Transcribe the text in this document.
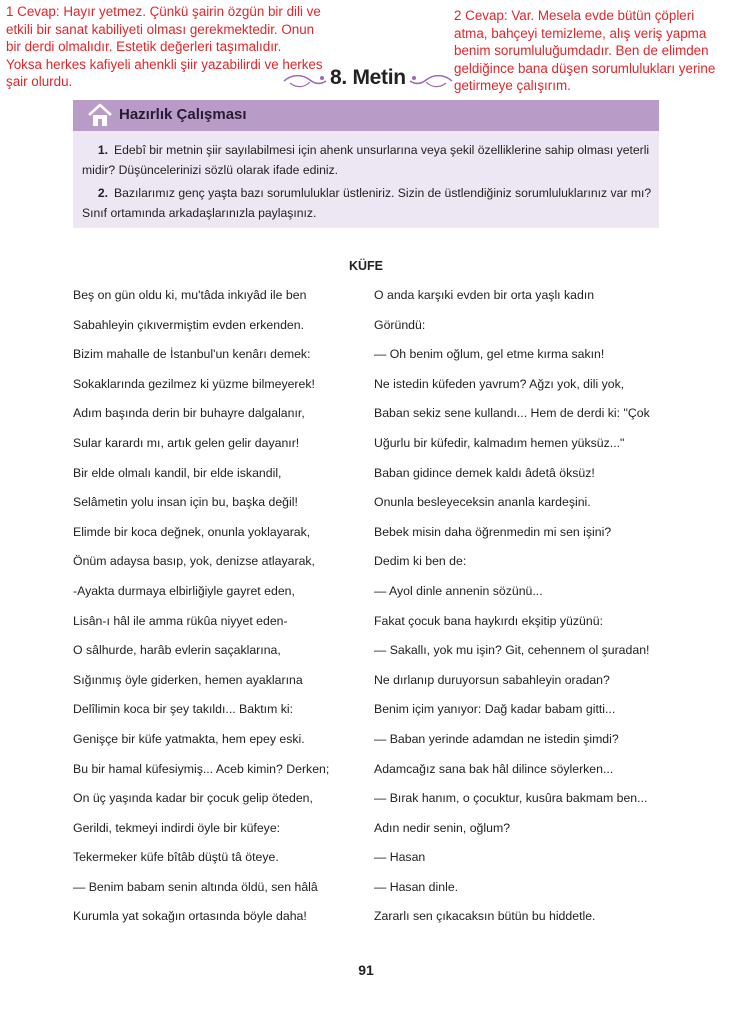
1 Cevap: Hayır yetmez. Çünkü şairin özgün bir dili ve
etkili bir sanat kabiliyeti olması gerekmektedir. Onun
bir derdi olmalıdır. Estetik değerleri taşımalıdır.
Yoksa herkes kafiyeli ahenkli şiir yazabilirdi ve herkes
şair olurdu.
2 Cevap: Var. Mesela evde bütün çöpleri
atma, bahçeyi temizleme, alış veriş yapma
benim sorumluluğumdadır. Ben de elimden
geldiğince bana düşen sorumlulukları yerine
getirmeye çalışırım.
8. Metin
Hazırlık Çalışması
1. Edebî bir metnin şiir sayılabilmesi için ahenk unsurlarına veya şekil özelliklerine sahip olması yeterli midir? Düşüncelerinizi sözlü olarak ifade ediniz.
2. Bazılarımız genç yaşta bazı sorumluluklar üstleniriz. Sizin de üstlendiğiniz sorumluluklarınız var mı? Sınıf ortamında arkadaşlarınızla paylaşınız.
KÜFE
Beş on gün oldu ki, mu'tâda inkıyâd ile ben
Sabahleyin çıkıvermiştim evden erkenden.
Bizim mahalle de İstanbul'un kenârı demek:
Sokaklarında gezilmez ki yüzme bilmeyerek!
Adım başında derin bir buhayre dalgalanır,
Sular karardı mı, artık gelen gelir dayanır!
Bir elde olmalı kandil, bir elde iskandil,
Selâmetin yolu insan için bu, başka değil!
Elimde bir koca değnek, onunla yoklayarak,
Önüm adaysa basıp, yok, denizse atlayarak,
-Ayakta durmaya elbirliğiyle gayret eden,
Lisân-ı hâl ile amma rükûa niyyet eden-
O sâlhurde, harâb evlerin saçaklarına,
Sığınmış öyle giderken, hemen ayaklarına
Delîlimin koca bir şey takıldı... Baktım ki:
Genişçe bir küfe yatmakta, hem epey eski.
Bu bir hamal küfesiymiş... Aceb kimin? Derken;
On üç yaşında kadar bir çocuk gelip öteden,
Gerildi, tekmeyi indirdi öyle bir küfeye:
Tekermeker küfe bîtâb düştü tâ öteye.
— Benim babam senin altında öldü, sen hâlâ
Kurumla yat sokağın ortasında böyle daha!
O anda karşıki evden bir orta yaşlı kadın
Göründü:
— Oh benim oğlum, gel etme kırma sakın!
Ne istedin küfeden yavrum? Ağzı yok, dili yok,
Baban sekiz sene kullandı... Hem de derdi ki: "Çok
Uğurlu bir küfedir, kalmadım hemen yüksüz..."
Baban gidince demek kaldı âdetâ öksüz!
Onunla besleyeceksin ananla kardeşini.
Bebek misin daha öğrenmedin mi sen işini?
Dedim ki ben de:
— Ayol dinle annenin sözünü...
Fakat çocuk bana haykırdı ekşitip yüzünü:
— Sakallı, yok mu işin? Git, cehennem ol şuradan!
Ne dırlanıp duruyorsun sabahleyin oradan?
Benim içim yanıyor: Dağ kadar babam gitti...
— Baban yerinde adamdan ne istedin şimdi?
Adamcağız sana bak hâl dilince söylerken...
— Bırak hanım, o çocuktur, kusûra bakmam ben...
Adın nedir senin, oğlum?
— Hasan
— Hasan dinle.
Zararlı sen çıkacaksın bütün bu hiddetle.
91
